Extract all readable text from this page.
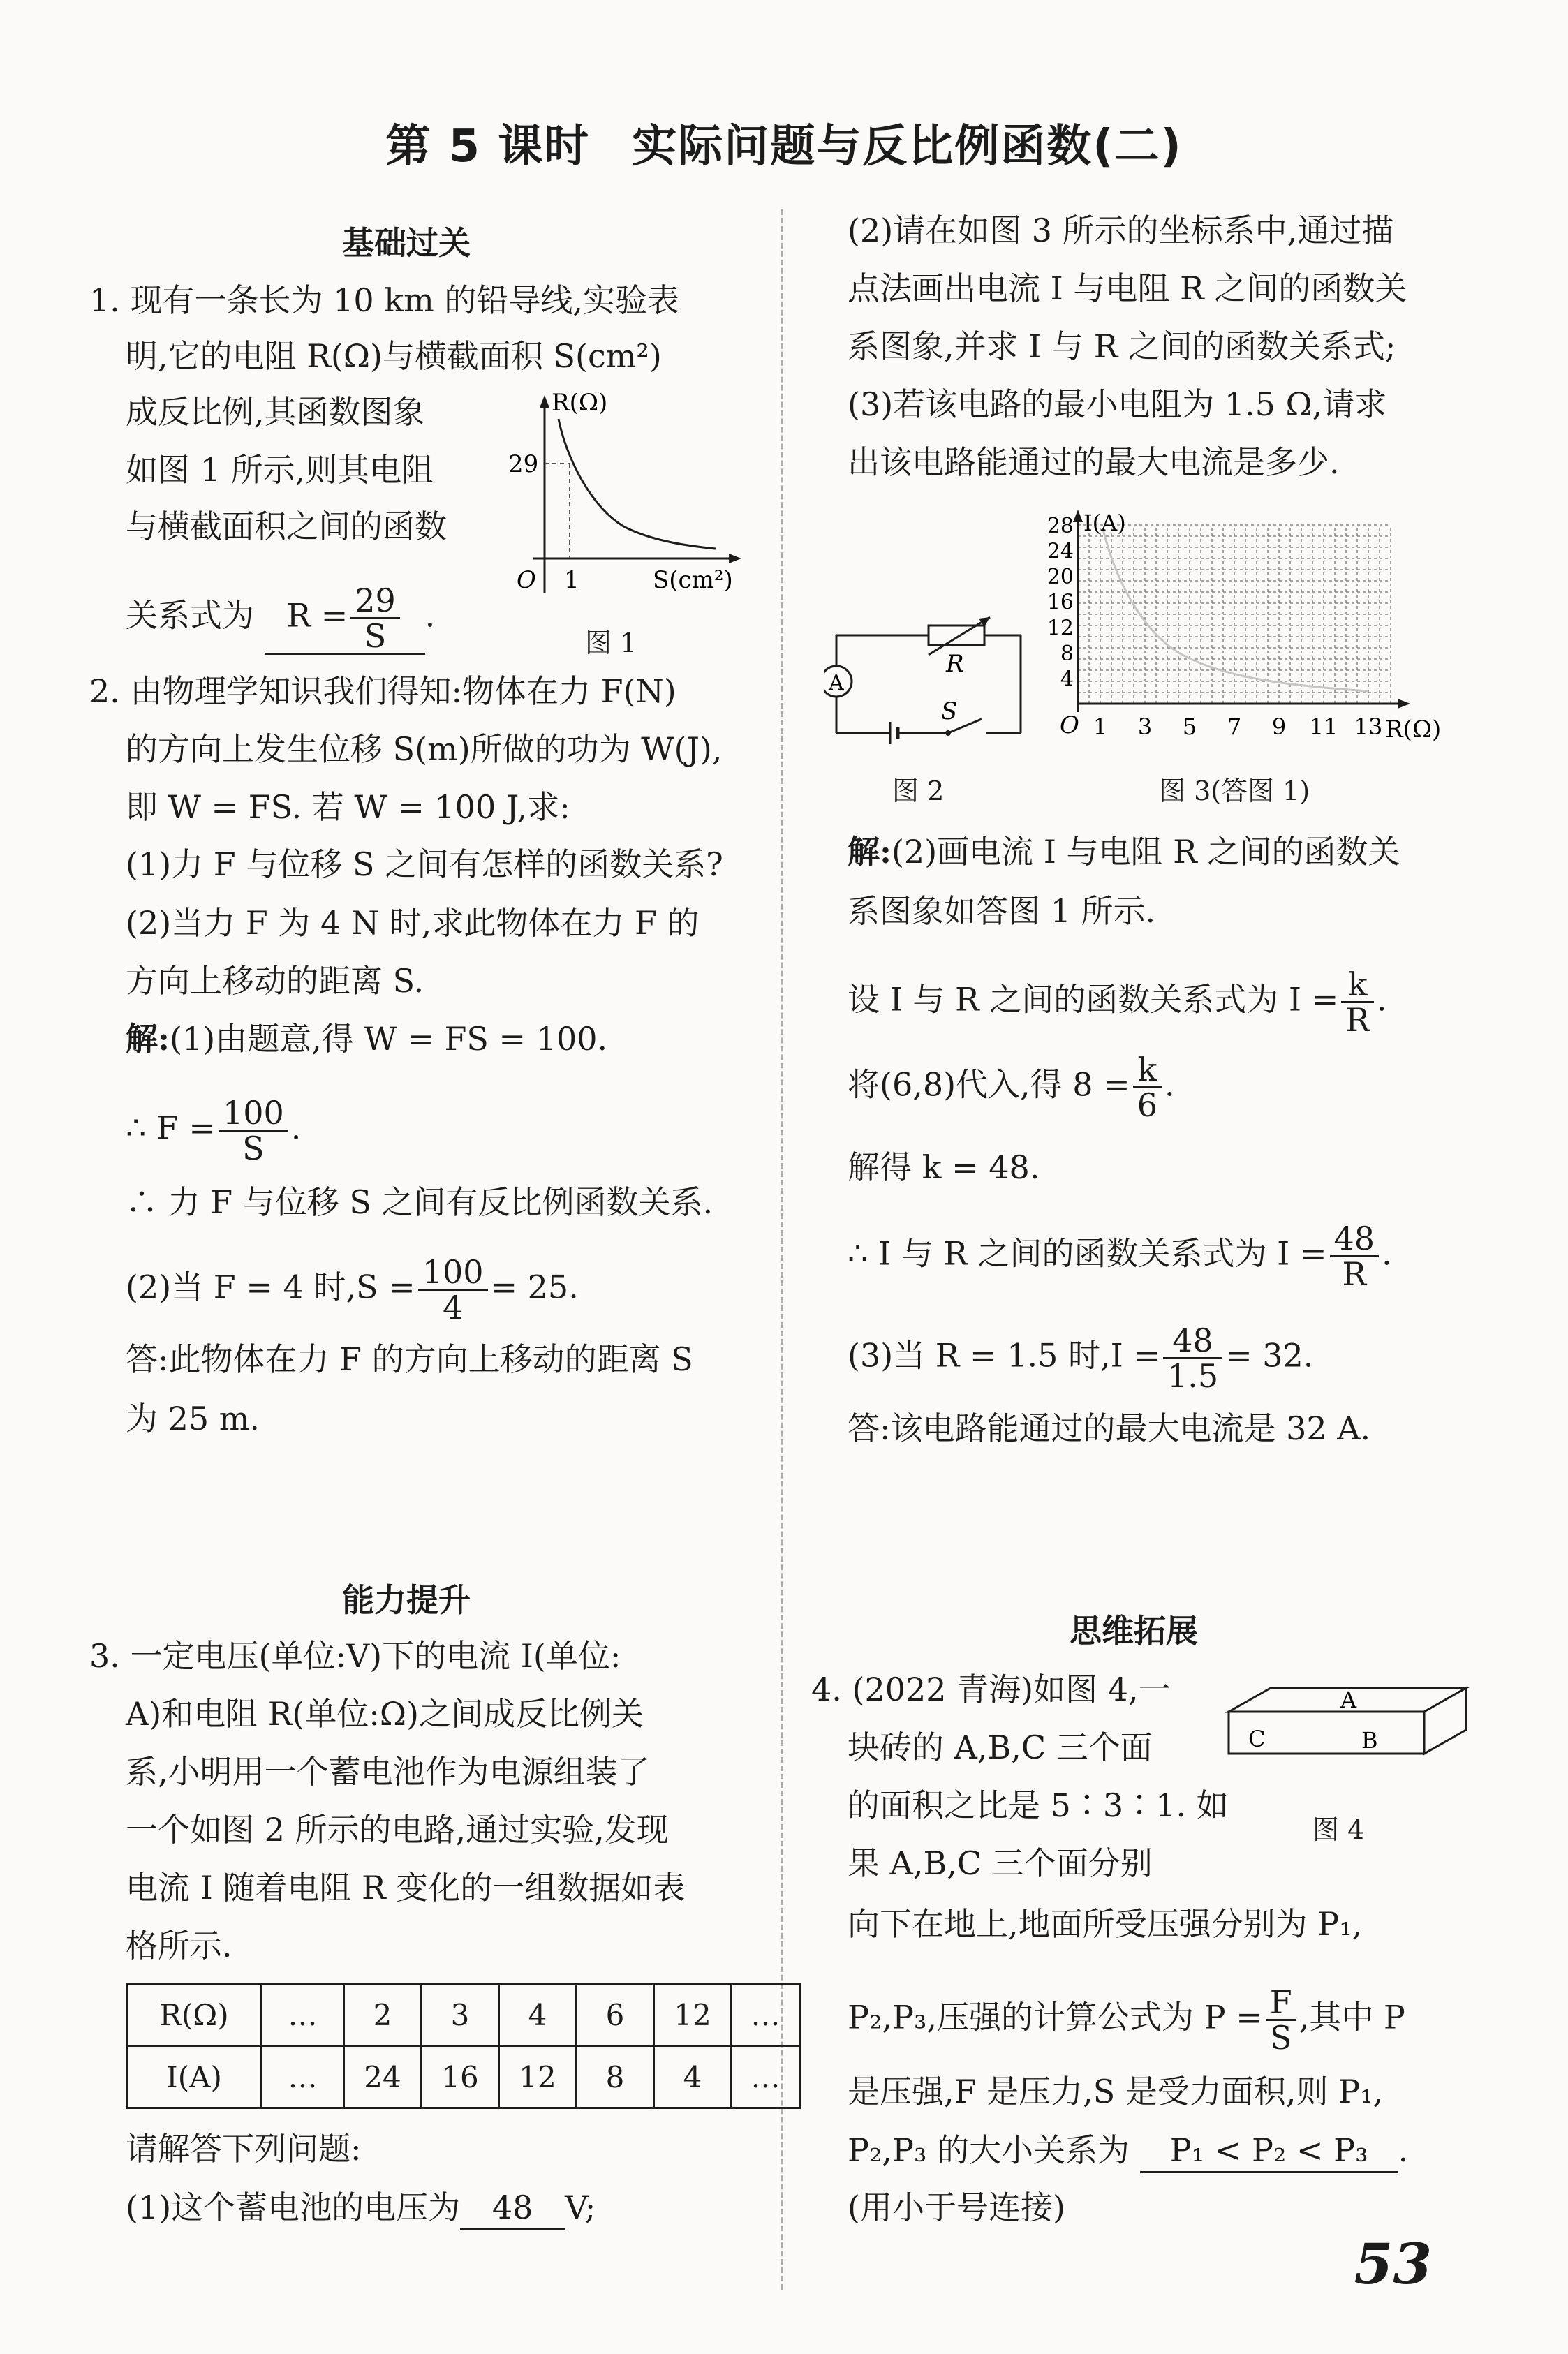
第 5 课时 实际问题与反比例函数(二)
基础过关
1. 现有一条长为 10 km 的铅导线,实验表
明,它的电阻 R(Ω)与横截面积 S(cm²)
成反比例,其函数图象
如图 1 所示,则其电阻
与横截面积之间的函数
关系式为 $R = \frac{29}{S}$ .
R(Ω)
29
1
O	S(cm²)
图 1
2. 由物理学知识我们得知:物体在力 F(N)
的方向上发生位移 S(m)所做的功为 W(J),
即 W = FS. 若 W = 100 J,求:
(1)力 F 与位移 S 之间有怎样的函数关系?
(2)当力 F 为 4 N 时,求此物体在力 F 的
方向上移动的距离 S.
解:(1)由题意,得 W = FS = 100.
∴ $F = \frac{100}{S}$ .
∴ 力 F 与位移 S 之间有反比例函数关系.
(2)当 F = 4 时$,S = \frac{100}{4} = 25$.
答:此物体在力 F 的方向上移动的距离 S
为 25 m.
能力提升
3. 一定电压(单位:V)下的电流 I(单位:
A)和电阻 R(单位:Ω)之间成反比例关
系,小明用一个蓄电池作为电源组装了
一个如图 2 所示的电路,通过实验,发现
电流 I 随着电阻 R 变化的一组数据如表
格所示.
R(Ω)	…	2	3	4	6	12	…
I(A)	…	24	16	12	8	4	…
请解答下列问题:
(1)这个蓄电池的电压为 48 V;
(2)请在如图 3 所示的坐标系中,通过描
点法画出电流 I 与电阻 R 之间的函数关
系图象,并求 I 与 R 之间的函数关系式;
(3)若该电路的最小电阻为 1.5 Ω,请求
出该电路能通过的最大电流是多少.
R
A
S
图 2
I(A)
28
24
20
16
12
8
4
1 3 5 7 9 11 13
O	R(Ω)
图 3(答图 1)
解:(2)画电流 I 与电阻 R 之间的函数关
系图象如答图 1 所示.
设 I 与 R 之间的函数关系式为 $I = \frac{k}{R}$ .
将(6,8)代入,得 $8 = \frac{k}{6}$ .
解得 k = 48.
∴ I 与 R 之间的函数关系式为 $I = \frac{48}{R}$ .
(3)当 R = 1.5 时$,I = \frac{48}{1.5} = 32$.
答:该电路能通过的最大电流是 32 A.
思维拓展
4. (2022 青海)如图 4,一
块砖的 A,B,C 三个面
的面积之比是 5∶3∶1. 如
果 A,B,C 三个面分别
向下在地上,地面所受压强分别为 P₁,
P₂,P₃,压强的计算公式为 $P = \frac{F}{S}$ ,其中 P
是压强,F 是压力,S 是受力面积,则 P₁,
P₂,P₃ 的大小关系为 P₁ < P₂ < P₃ .
(用小于号连接)
A
B
C
图 4
53
